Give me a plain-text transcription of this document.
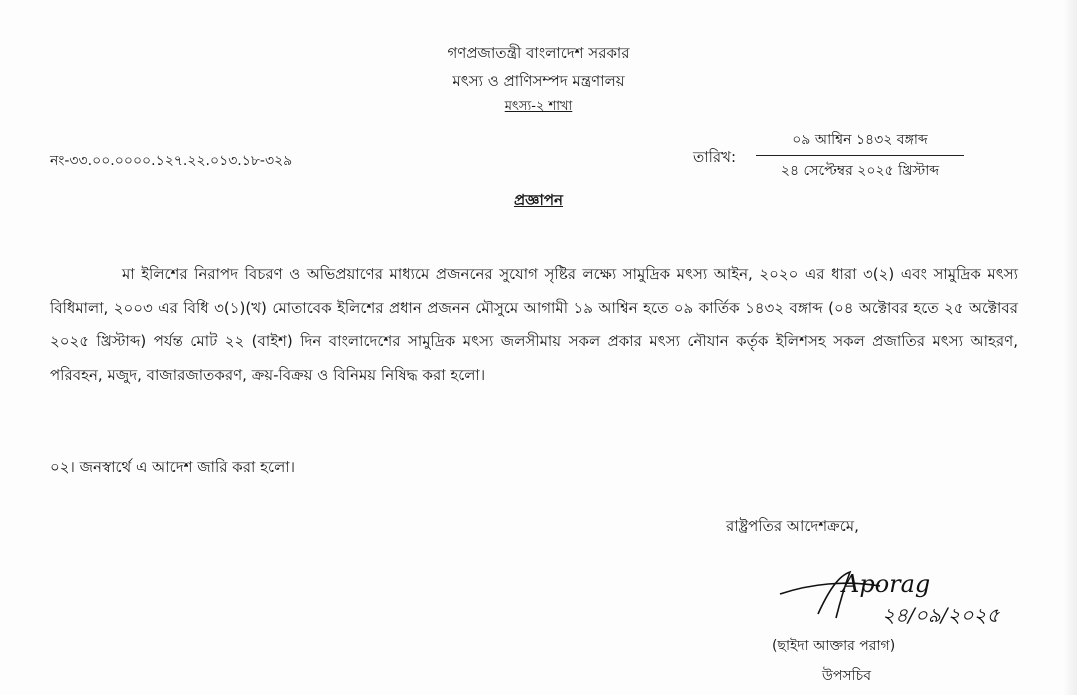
গণপ্রজাতন্ত্রী বাংলাদেশ সরকার
মৎস্য ও প্রাণিসম্পদ মন্ত্রণালয়
মৎস্য-২ শাখা
নং-৩৩.০০.০০০০.১২৭.২২.০১৩.১৮-৩২৯	তারিখ:
০৯ আশ্বিন ১৪৩২ বঙ্গাব্দ
২৪ সেপ্টেম্বর ২০২৫ খ্রিস্টাব্দ
প্রজ্ঞাপন
মা ইলিশের নিরাপদ বিচরণ ও অভিপ্রয়াণের মাধ্যমে প্রজননের সুযোগ সৃষ্টির লক্ষ্যে সামুদ্রিক মৎস্য আইন, ২০২০ এর ধারা ৩(২) এবং সামুদ্রিক মৎস্য বিধিমালা, ২০০৩ এর বিধি ৩(১)(খ) মোতাবেক ইলিশের প্রধান প্রজনন মৌসুমে আগামী ১৯ আশ্বিন হতে ০৯ কার্তিক ১৪৩২ বঙ্গাব্দ (০৪ অক্টোবর হতে ২৫ অক্টোবর ২০২৫ খ্রিস্টাব্দ) পর্যন্ত মোট ২২ (বাইশ) দিন বাংলাদেশের সামুদ্রিক মৎস্য জলসীমায় সকল প্রকার মৎস্য নৌযান কর্তৃক ইলিশসহ সকল প্রজাতির মৎস্য আহরণ, পরিবহন, মজুদ, বাজারজাতকরণ, ক্রয়-বিক্রয় ও বিনিময় নিষিদ্ধ করা হলো।
০২। জনস্বার্থে এ আদেশ জারি করা হলো।
রাষ্ট্রপতির আদেশক্রমে,
Aporag
২৪/০৯/২০২৫
(ছাইদা আক্তার পরাগ)
উপসচিব
